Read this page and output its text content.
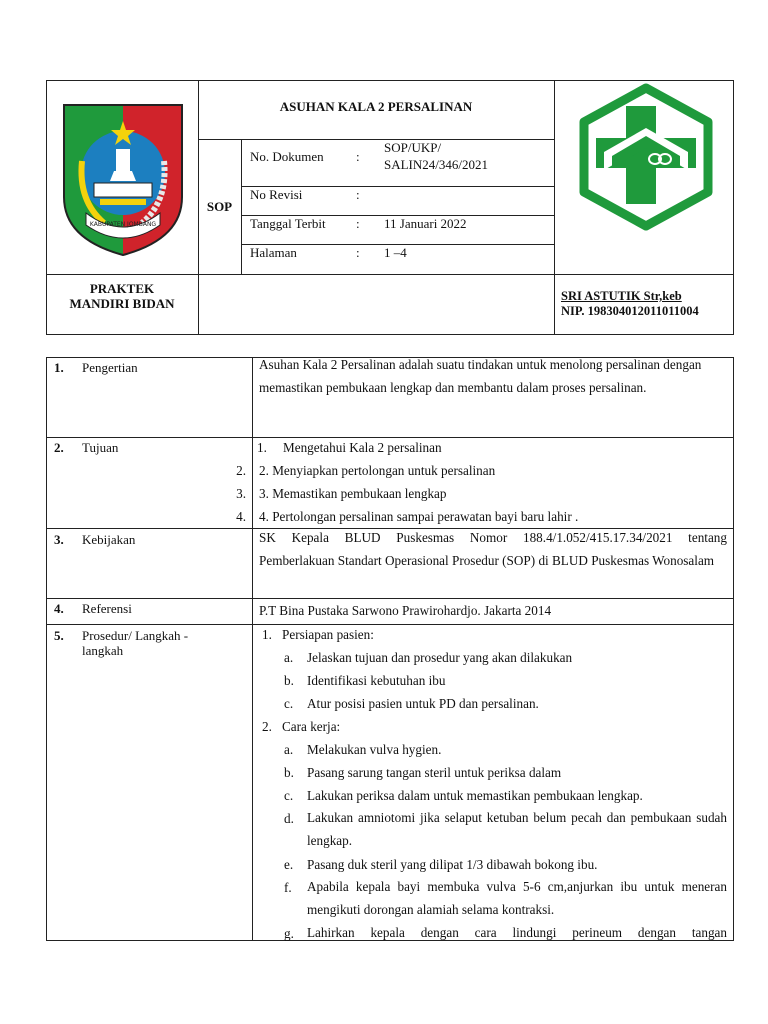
KABUPATEN JOMBANG
ASUHAN KALA 2 PERSALINAN
SOP
No. Dokumen :
SOP/UKP/
SALIN24/346/2021
No Revisi	:
Tanggal Terbit : 11 Januari 2022
Halaman	: 1 –4
PRAKTEK
MANDIRI BIDAN	SRI ASTUTIK Str,keb
NIP. 198304012011011004
1. Pengertian	Asuhan Kala 2 Persalinan adalah suatu tindakan untuk menolong persalinan dengan memastikan pembukaan lengkap dan membantu dalam proses persalinan.
2. Tujuan	1. Mengetahui Kala 2 persalinan
2. 2. Menyiapkan pertolongan untuk persalinan
3. 3. Memastikan pembukaan lengkap
4. 4. Pertolongan persalinan sampai perawatan bayi baru lahir .
3. Kebijakan	SK Kepala BLUD Puskesmas Nomor 188.4/1.052/415.17.34/2021 tentang Pemberlakuan Standart Operasional Prosedur (SOP) di BLUD Puskesmas Wonosalam
4. Referensi	P.T Bina Pustaka Sarwono Prawirohardjo. Jakarta 2014
5. Prosedur/ Langkah -
langkah
1. Persiapan pasien:
a. Jelaskan tujuan dan prosedur yang akan dilakukan
b. Identifikasi kebutuhan ibu
c. Atur posisi pasien untuk PD dan persalinan.
2. Cara kerja:
a. Melakukan vulva hygien.
b. Pasang sarung tangan steril untuk periksa dalam
c. Lakukan periksa dalam untuk memastikan pembukaan lengkap.
d. Lakukan amniotomi jika selaput ketuban belum pecah dan pembukaan sudah lengkap.
e. Pasang duk steril yang dilipat 1/3 dibawah bokong ibu.
f. Apabila kepala bayi membuka vulva 5-6 cm,anjurkan ibu untuk meneran mengikuti dorongan alamiah selama kontraksi.
g. Lahirkan kepala dengan cara lindungi perineum dengan tangan
